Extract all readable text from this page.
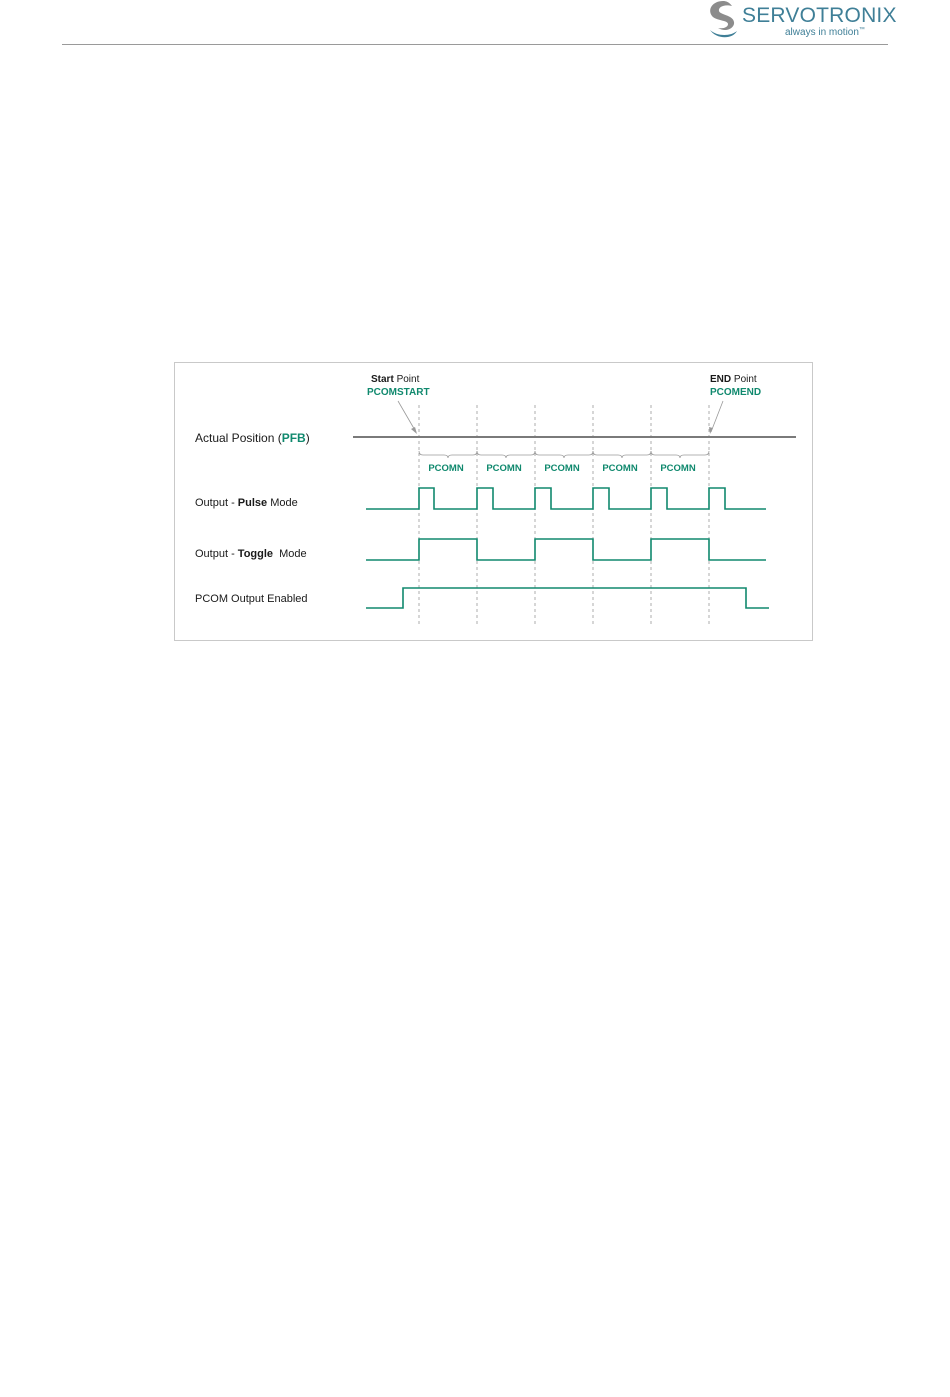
SERVOTRONIX
always in motion™
Start Point
PCOMSTART
END Point
PCOMEND
Actual Position (PFB)
PCOMN PCOMN PCOMN PCOMN PCOMN
Output - Pulse Mode
Output - Toggle  Mode
PCOM Output Enabled
